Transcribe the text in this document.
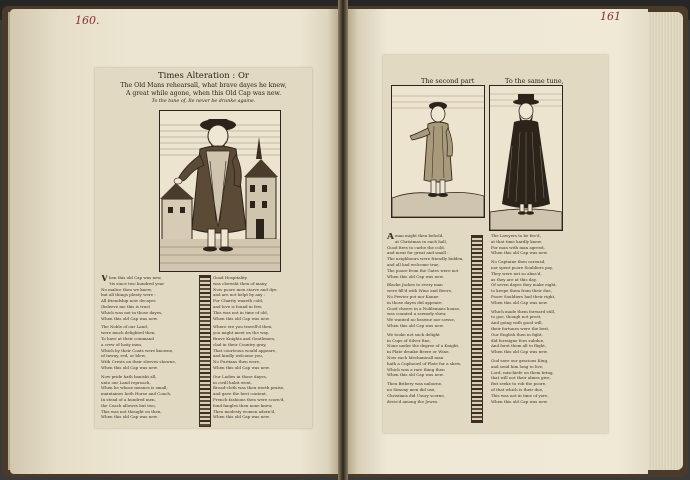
160.	161
Times Alteration : Or
The Old Mans rehearsall, what brave dayes he knew,
A great while agone, when this Old Cap was new.
To the tune of, Ile never be drunke againe.
V hen this old Cap was new,

'tis since two hundred year

No malice then we knew,

but all things plenty were :

All friendship now decayes

(beleeve me this is true)

Which was not in those dayes,

When this old Cap was new.

The Noble of our Land,

were much delighted then,

To have at their command

a crew of lusty men,

Which by their Coats were knowne,

of tawny, red, or blew,

With Crests on their sleeves showne,

When this old Cap was new.

Now pride hath banisht all,

unto our Land reproach,

When he whose meanes is small,

maintaines both Horse and Coach,

In stead of a hundred men,

the Coach allowes but two,

This was not thought on then,

When this old Cap was new.

Good Hospitality

was cherisht then of many,

Now poore men starve and dye,

and are not helpt by any :

For Charity waxeth cold,

and love is found in few,

This was not in time of old,

When this old Cap was new.

Where ere you travell'd then,

you might meet on the way,

Brave Knights and Gentlemen,

clad in their Country gray,

That courteous would appeare,

and kindly welcome you,

No Puritans then were,

When this old Cap was new.

Our Ladies in those dayes,

in civill habit went,

Broad-cloth was then worth praise,

and gave the best content,

French fashions then were scorn'd,

fond fangles then none knew,

Then modesty women adorn'd,

When this old Cap was new.

The second part	To the same tune,
A man might then behold,

at Christmas in each hall,

Good fires to curbe the cold,

and meat for great and small :

The neighbours were friendly bidden,

and all had welcome true,

The poore from the Gates were not

When this old Cap was new.

Blacke Jackes to every man

were fill'd with Wine and Beere,

No Pewter pot nor Kanne

in those dayes did appeare,

Good cheere in a Noblemans house,

was counted a seemely shew,

We wanted no brawne nor sowse,

When this old Cap was new.

We tooke not such delight

in Cups of Silver fine,

None under the degree of a Knight,

in Plate drunke Beere or Wine,

Now each Mechanicall man

hath a Cupboord of Plate for a shew,

Which was a rare thing then

When this old Cap was new.

Then Bribery was unborne,

no Simony men did use,

Christians did Usury scorne,

devis'd among the Jewes.

The Lawyers to be fee'd,

at that time hardly knew,

For man with man agreed,

When this old Cap was new.

No Captaine then carousd,

nor spent poore Souldiers pay,

They were not so abus'd,

as they are at this day,

Of seven dayes they make eight,

to keepe them from their due,

Poore Souldiers had their right,

When this old Cap was new.

Which made them forward still,

to goe, though not prest,

And going with good will,

their fortunes were the best,

Our English then in fight,

did forraigne foes subdue,

And forst them all to flight,

When this old Cap was new.

God save our gracious King,

and send him long to live,

Lord, mischiefe on them bring,

that will not their almes give,

But seeke to rob the poore,

of that which is their due,

This was not in time of yore,

When this old Cap was new.
